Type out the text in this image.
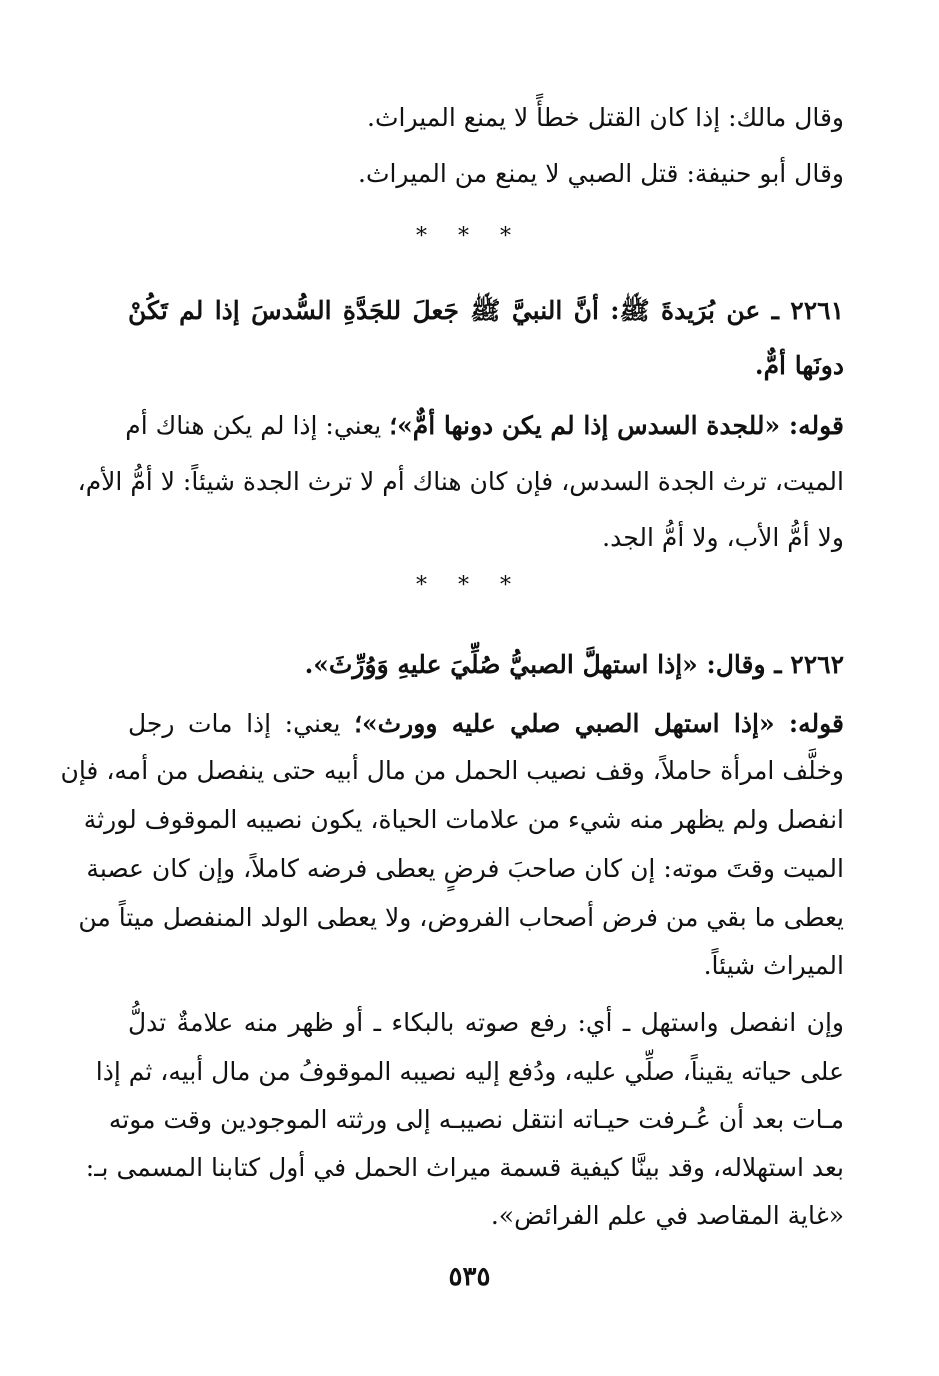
وقال مالك: إذا كان القتل خطأً لا يمنع الميراث.
وقال أبو حنيفة: قتل الصبي لا يمنع من الميراث.
٢٢٦١ ـ عن بُرَيدةَ ﷺ: أنَّ النبيَّ ﷺ جَعلَ للجَدَّةِ السُّدسَ إذا لم تَكُنْ
دونَها أمٌّ.
قوله: «للجدة السدس إذا لم يكن دونها أمٌّ»؛ يعني: إذا لم يكن هناك أم
الميت، ترث الجدة السدس، فإن كان هناك أم لا ترث الجدة شيئاً: لا أمُّ الأم،
ولا أمُّ الأب، ولا أمُّ الجد.
٢٢٦٢ ـ وقال: «إذا استهلَّ الصبيُّ صُلِّيَ عليهِ وَوُرِّثَ».
قوله: «إذا استهل الصبي صلي عليه وورث»؛ يعني: إذا مات رجل
وخلَّف امرأة حاملاً، وقف نصيب الحمل من مال أبيه حتى ينفصل من أمه، فإن
انفصل ولم يظهر منه شيء من علامات الحياة، يكون نصيبه الموقوف لورثة
الميت وقتَ موته: إن كان صاحبَ فرضٍ يعطى فرضه كاملاً، وإن كان عصبة
يعطى ما بقي من فرض أصحاب الفروض، ولا يعطى الولد المنفصل ميتاً من
الميراث شيئاً.
وإن انفصل واستهل ـ أي: رفع صوته بالبكاء ـ أو ظهر منه علامةٌ تدلُّ
على حياته يقيناً، صلِّي عليه، ودُفع إليه نصيبه الموقوفُ من مال أبيه، ثم إذا
مـات بعد أن عُـرفت حيـاته انتقل نصيبـه إلى ورثته الموجودين وقت موته
بعد استهلاله، وقد بينَّا كيفية قسمة ميراث الحمل في أول كتابنا المسمى بـ:
«غاية المقاصد في علم الفرائض».
* * *
* * *
٥٣٥
